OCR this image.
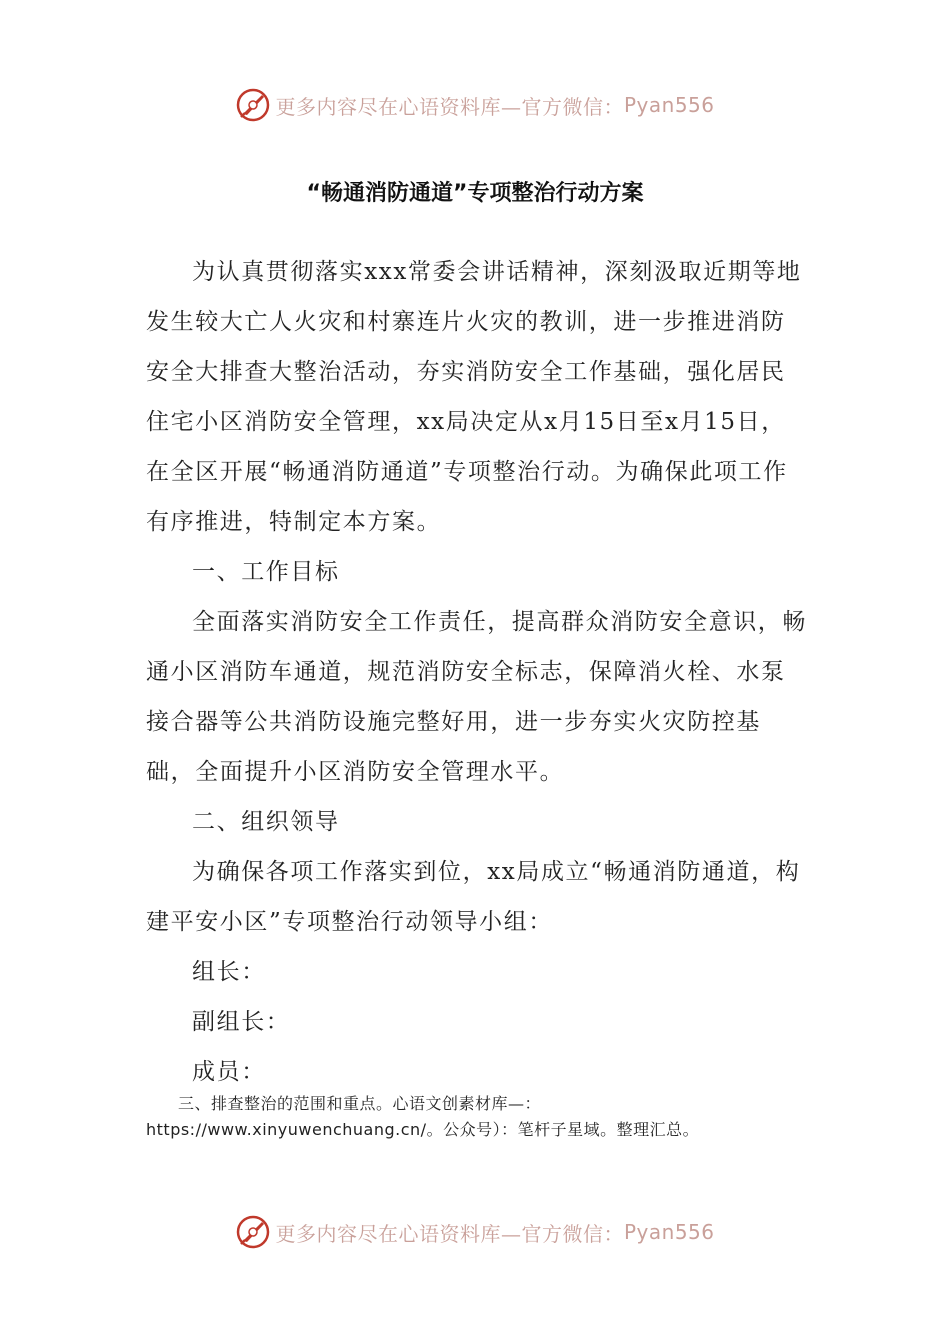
更多内容尽在心语资料库—官方微信： Pyan556
“畅通消防通道”专项整治行动方案

为认真贯彻落实xxx常委会讲话精神，深刻汲取近期等地发生较大亡人火灾和村寨连片火灾的教训，进一步推进消防安全大排查大整治活动，夯实消防安全工作基础，强化居民住宅小区消防安全管理，xx局决定从x月15日至x月15日，在全区开展“畅通消防通道”专项整治行动。为确保此项工作有序推进，特制定本方案。

一、工作目标

全面落实消防安全工作责任，提高群众消防安全意识，畅通小区消防车通道，规范消防安全标志，保障消火栓、水泵接合器等公共消防设施完整好用，进一步夯实火灾防控基础，全面提升小区消防安全管理水平。

二、组织领导

为确保各项工作落实到位，xx局成立“畅通消防通道，构建平安小区”专项整治行动领导小组：

组长：

副组长：

成员：

三、排查整治的范围和重点。心语文创素材库—：https://www.xinyuwenchuang.cn/。公众号）：笔杆子星域。整理汇总。
更多内容尽在心语资料库—官方微信： Pyan556
